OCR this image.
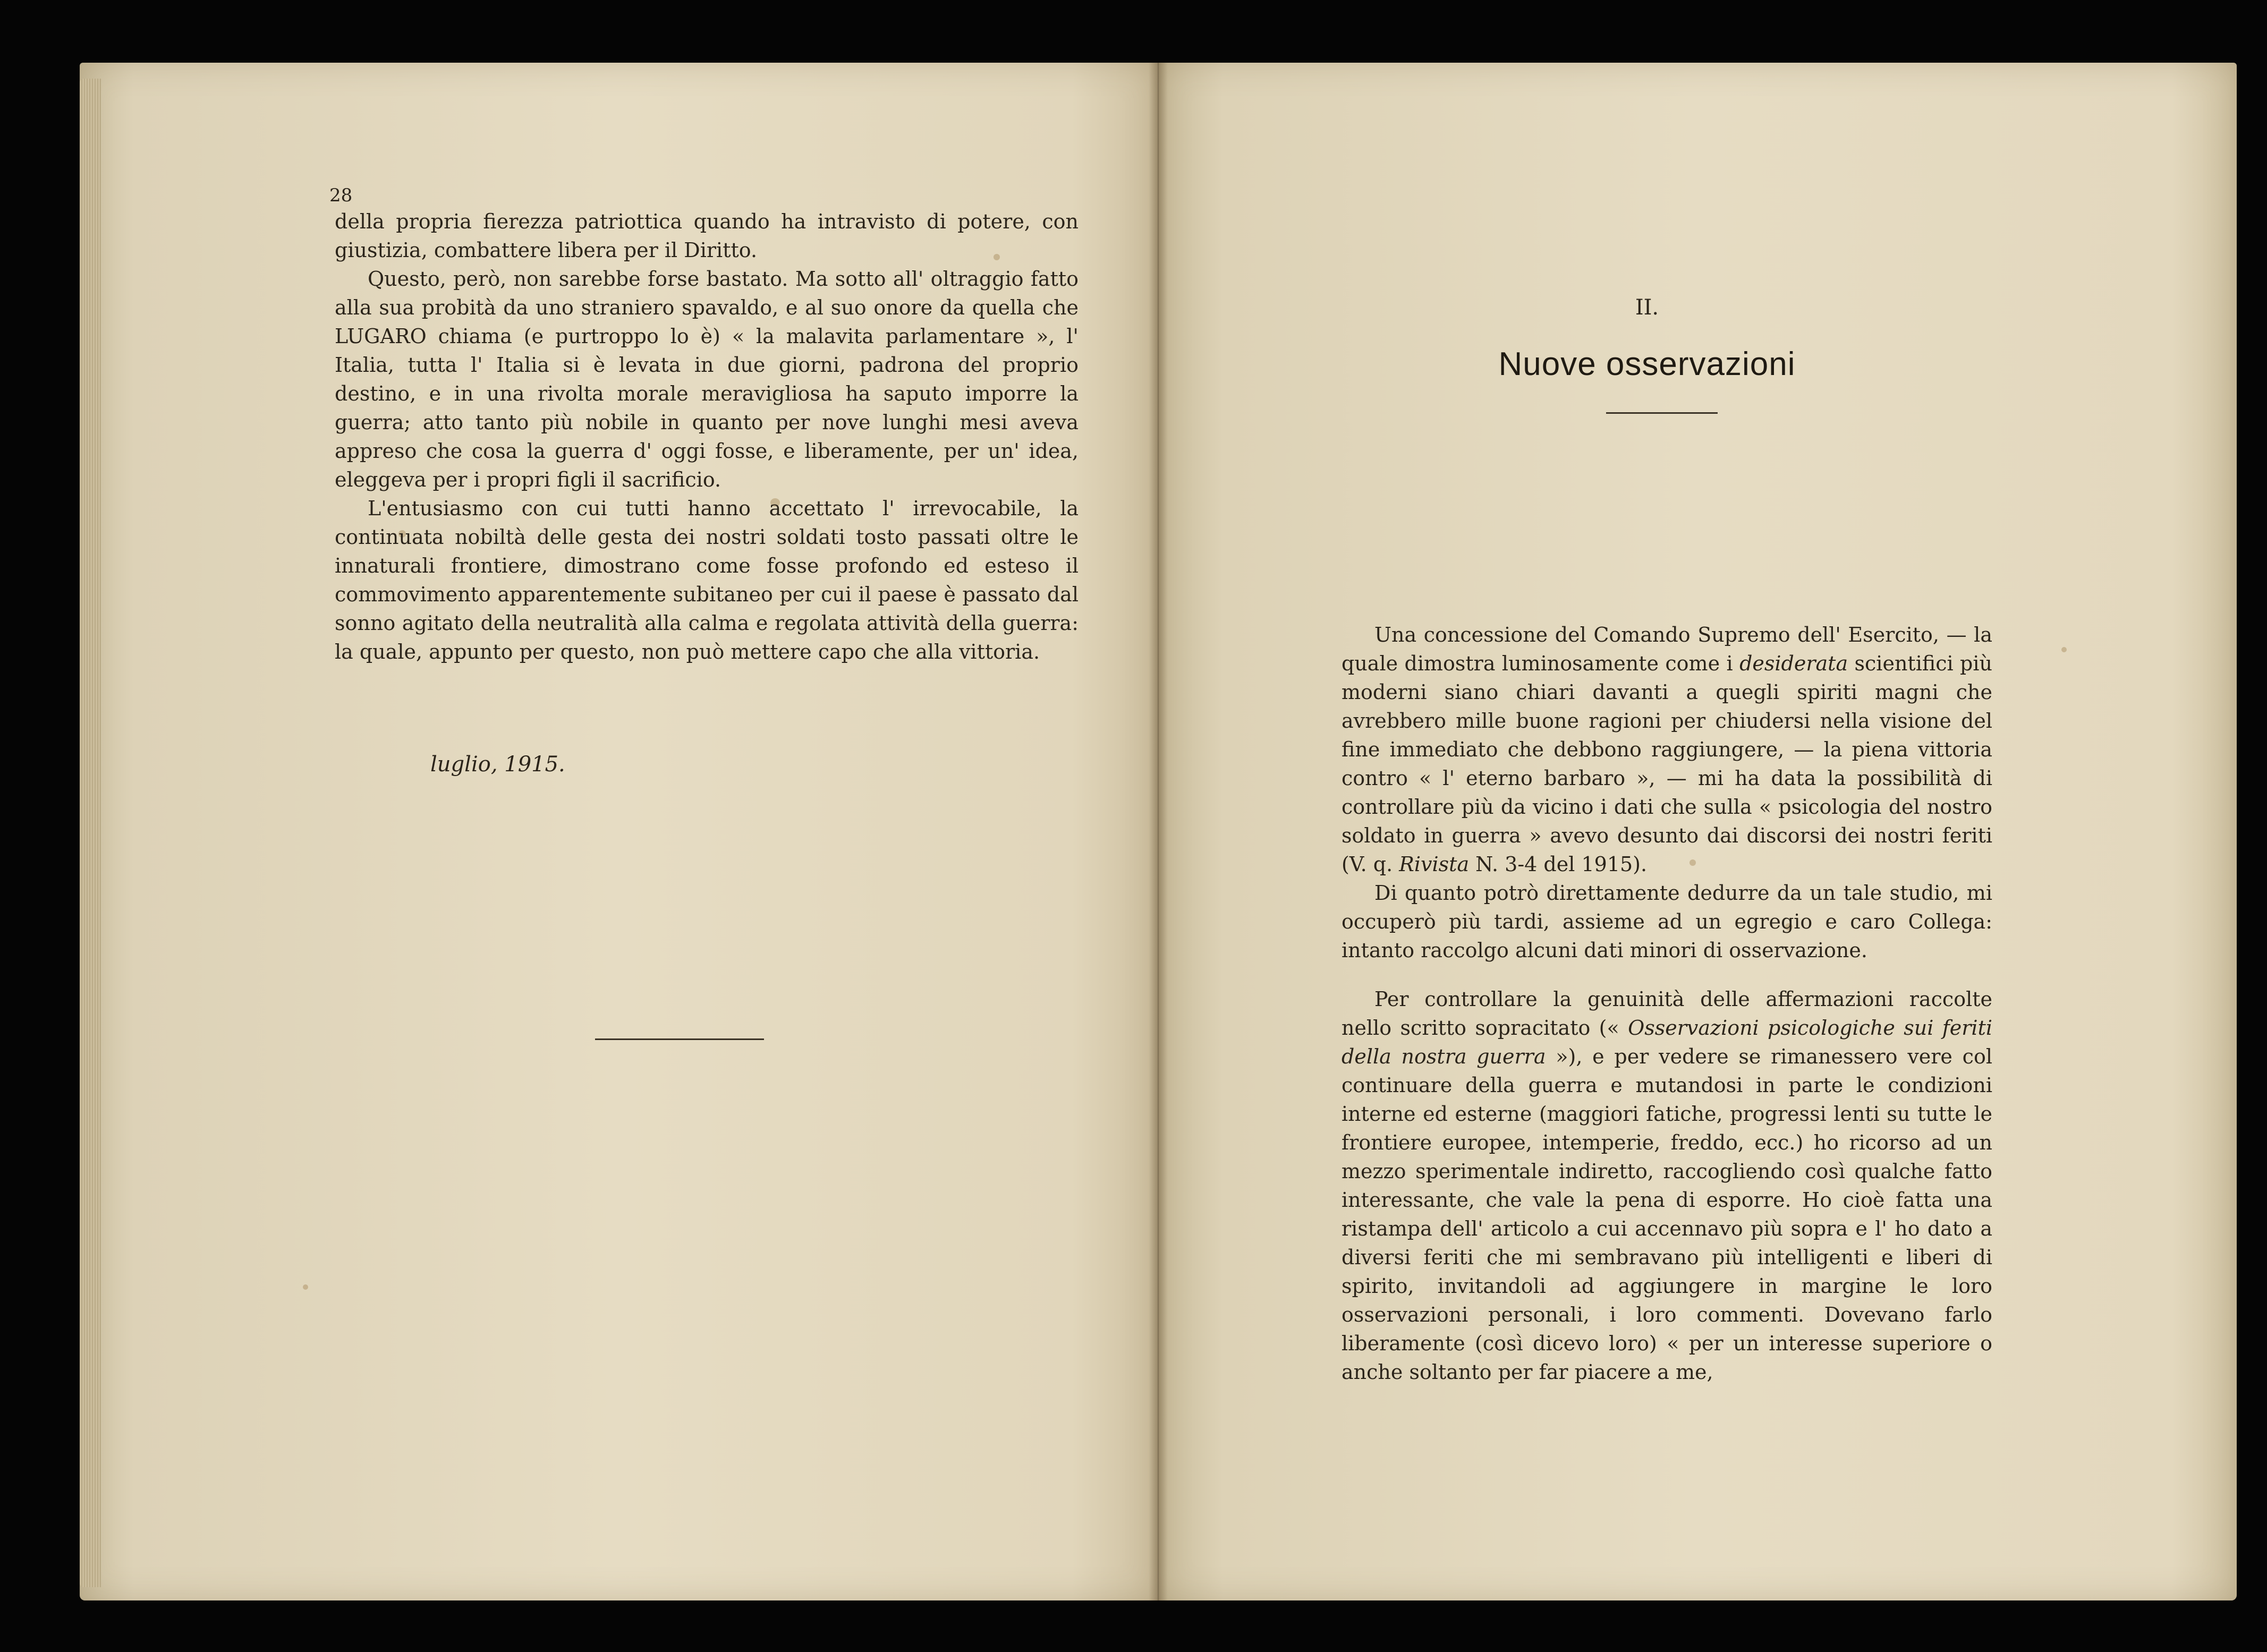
28

della propria fierezza patriottica quando ha intravisto di potere, con giustizia, combattere libera per il Diritto.

Questo, però, non sarebbe forse bastato. Ma sotto all' oltraggio fatto alla sua probità da uno straniero spavaldo, e al suo onore da quella che LUGARO chiama (e purtroppo lo è) « la malavita parlamentare », l' Italia, tutta l' Italia si è levata in due giorni, padrona del proprio destino, e in una rivolta morale meravigliosa ha saputo imporre la guerra; atto tanto più nobile in quanto per nove lunghi mesi aveva appreso che cosa la guerra d' oggi fosse, e liberamente, per un' idea, eleggeva per i propri figli il sacrificio.

L'entusiasmo con cui tutti hanno accettato l' irrevocabile, la continuata nobiltà delle gesta dei nostri soldati tosto passati oltre le innaturali frontiere, dimostrano come fosse profondo ed esteso il commovimento apparentemente subitaneo per cui il paese è passato dal sonno agitato della neutralità alla calma e regolata attività della guerra: la quale, appunto per questo, non può mettere capo che alla vittoria.

luglio, 1915.
II.
Nuove osservazioni

Una concessione del Comando Supremo dell' Esercito, — la quale dimostra luminosamente come i desiderata scientifici più moderni siano chiari davanti a quegli spiriti magni che avrebbero mille buone ragioni per chiudersi nella visione del fine immediato che debbono raggiungere, — la piena vittoria contro « l' eterno barbaro », — mi ha data la possibilità di controllare più da vicino i dati che sulla « psicologia del nostro soldato in guerra » avevo desunto dai discorsi dei nostri feriti (V. q. Rivista N. 3-4 del 1915).

Di quanto potrò direttamente dedurre da un tale studio, mi occuperò più tardi, assieme ad un egregio e caro Collega: intanto raccolgo alcuni dati minori di osservazione.

Per controllare la genuinità delle affermazioni raccolte nello scritto sopracitato (« Osservazioni psicologiche sui feriti della nostra guerra »), e per vedere se rimanessero vere col continuare della guerra e mutandosi in parte le condizioni interne ed esterne (maggiori fatiche, progressi lenti su tutte le frontiere europee, intemperie, freddo, ecc.) ho ricorso ad un mezzo sperimentale indiretto, raccogliendo così qualche fatto interessante, che vale la pena di esporre. Ho cioè fatta una ristampa dell' articolo a cui accennavo più sopra e l' ho dato a diversi feriti che mi sembravano più intelligenti e liberi di spirito, invitandoli ad aggiungere in margine le loro osservazioni personali, i loro commenti. Dovevano farlo liberamente (così dicevo loro) « per un interesse superiore o anche soltanto per far piacere a me,
